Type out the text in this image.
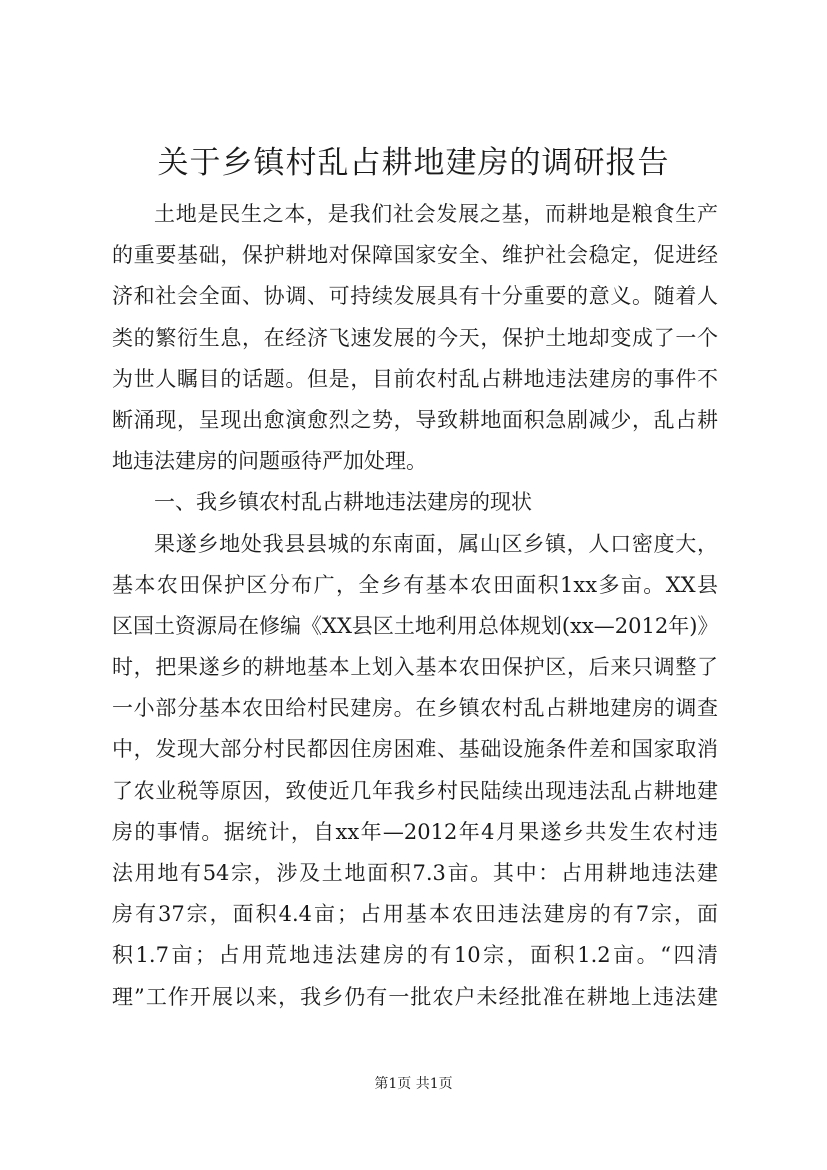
关于乡镇村乱占耕地建房的调研报告
土地是民生之本，是我们社会发展之基，而耕地是粮食生产
的重要基础，保护耕地对保障国家安全、维护社会稳定，促进经
济和社会全面、协调、可持续发展具有十分重要的意义。随着人
类的繁衍生息，在经济飞速发展的今天，保护土地却变成了一个
为世人瞩目的话题。但是，目前农村乱占耕地违法建房的事件不
断涌现，呈现出愈演愈烈之势，导致耕地面积急剧减少，乱占耕
地违法建房的问题亟待严加处理。
一、我乡镇农村乱占耕地违法建房的现状
果遂乡地处我县县城的东南面，属山区乡镇，人口密度大，
基本农田保护区分布广，全乡有基本农田面积1xx多亩。XX县
区国土资源局在修编《XX县区土地利用总体规划(xx—2012年)》
时，把果遂乡的耕地基本上划入基本农田保护区，后来只调整了
一小部分基本农田给村民建房。在乡镇农村乱占耕地建房的调查
中，发现大部分村民都因住房困难、基础设施条件差和国家取消
了农业税等原因，致使近几年我乡村民陆续出现违法乱占耕地建
房的事情。据统计，自xx年—2012年4月果遂乡共发生农村违
法用地有54宗，涉及土地面积7.3亩。其中：占用耕地违法建
房有37宗，面积4.4亩；占用基本农田违法建房的有7宗，面
积1.7亩；占用荒地违法建房的有10宗，面积1.2亩。“四清
理”工作开展以来，我乡仍有一批农户未经批准在耕地上违法建
第1页 共1页
